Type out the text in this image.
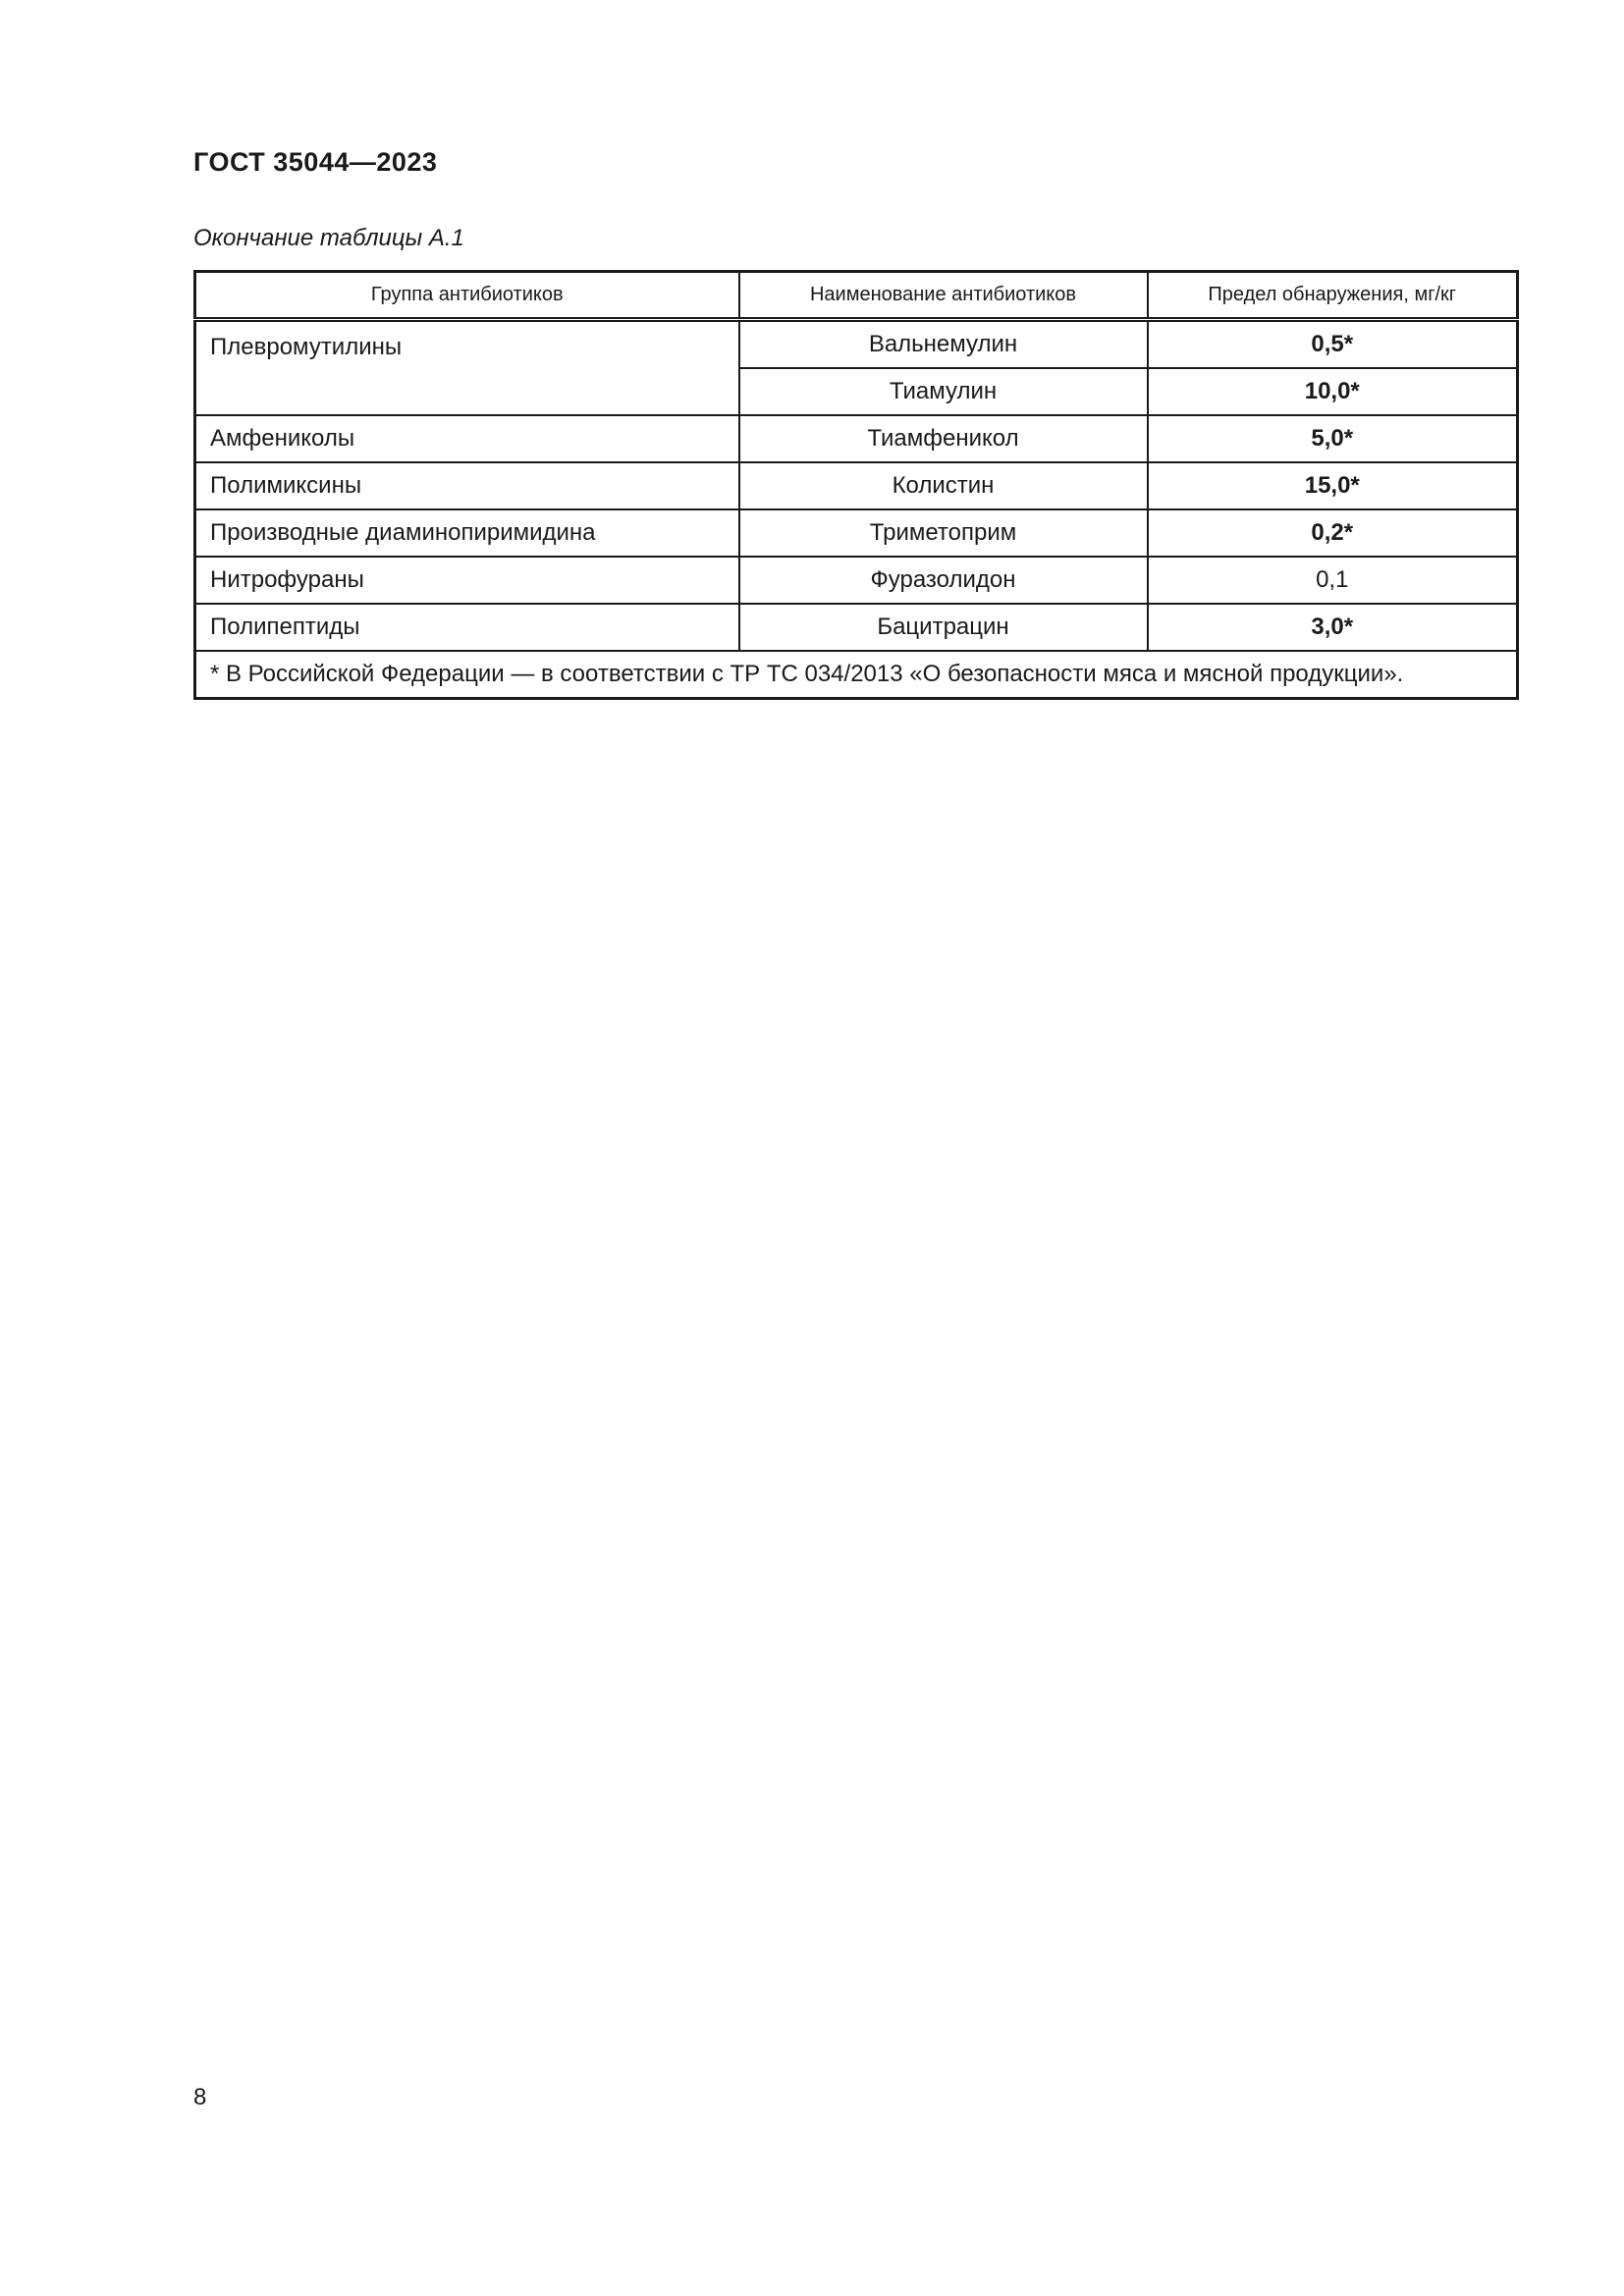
ГОСТ 35044—2023
Окончание таблицы А.1
Группа антибиотиков	Наименование антибиотиков	Предел обнаружения, мг/кг
Плевромутилины	Вальнемулин	0,5*
	Тиамулин	10,0*
Амфениколы	Тиамфеникол	5,0*
Полимиксины	Колистин	15,0*
Производные диаминопиримидина	Триметоприм	0,2*
Нитрофураны	Фуразолидон	0,1
Полипептиды	Бацитрацин	3,0*
* В Российской Федерации — в соответствии с ТР ТС 034/2013 «О безопасности мяса и мясной продукции».		
8
